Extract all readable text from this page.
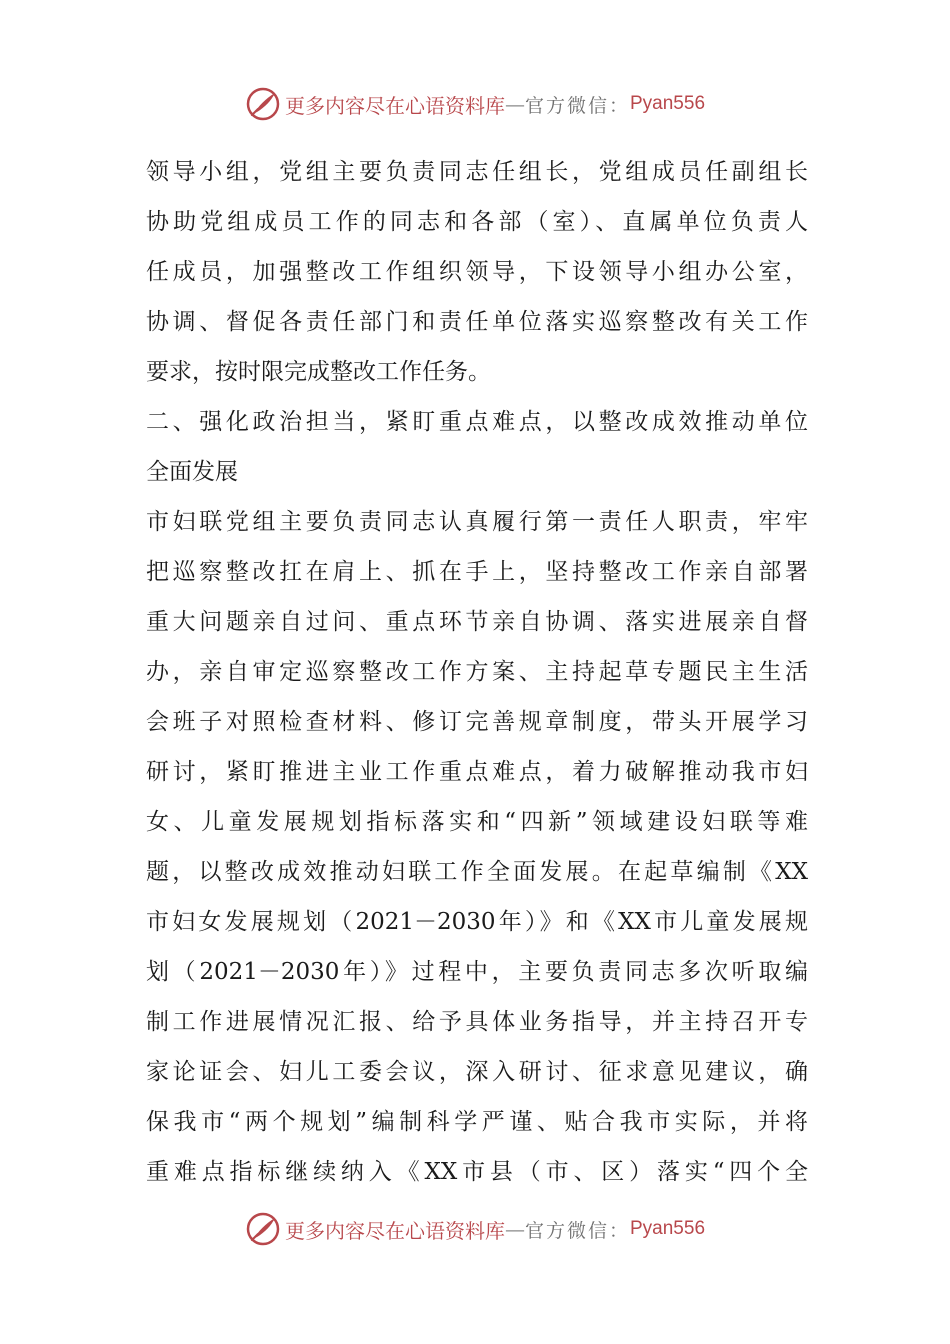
更多内容尽在心语资料库 — 官方微信： Pyan556
领导小组，党组主要负责同志任组长，党组成员任副组长
协助党组成员工作的同志和各部（室）、直属单位负责人
任成员，加强整改工作组织领导，下设领导小组办公室，
协调、督促各责任部门和责任单位落实巡察整改有关工作
要求，按时限完成整改工作任务。
二、强化政治担当，紧盯重点难点，以整改成效推动单位
全面发展
市妇联党组主要负责同志认真履行第一责任人职责，牢牢
把巡察整改扛在肩上、抓在手上，坚持整改工作亲自部署
重大问题亲自过问、重点环节亲自协调、落实进展亲自督
办，亲自审定巡察整改工作方案、主持起草专题民主生活
会班子对照检查材料、修订完善规章制度，带头开展学习
研讨，紧盯推进主业工作重点难点，着力破解推动我市妇
女、儿童发展规划指标落实和“四新”领域建设妇联等难
题，以整改成效推动妇联工作全面发展。在起草编制《XX
市妇女发展规划（2021－2030年）》和《XX市儿童发展规
划（2021－2030年）》过程中，主要负责同志多次听取编
制工作进展情况汇报、给予具体业务指导，并主持召开专
家论证会、妇儿工委会议，深入研讨、征求意见建议，确
保我市“两个规划”编制科学严谨、贴合我市实际，并将
重难点指标继续纳入《XX市县（市、区）落实“四个全
更多内容尽在心语资料库 — 官方微信： Pyan556
